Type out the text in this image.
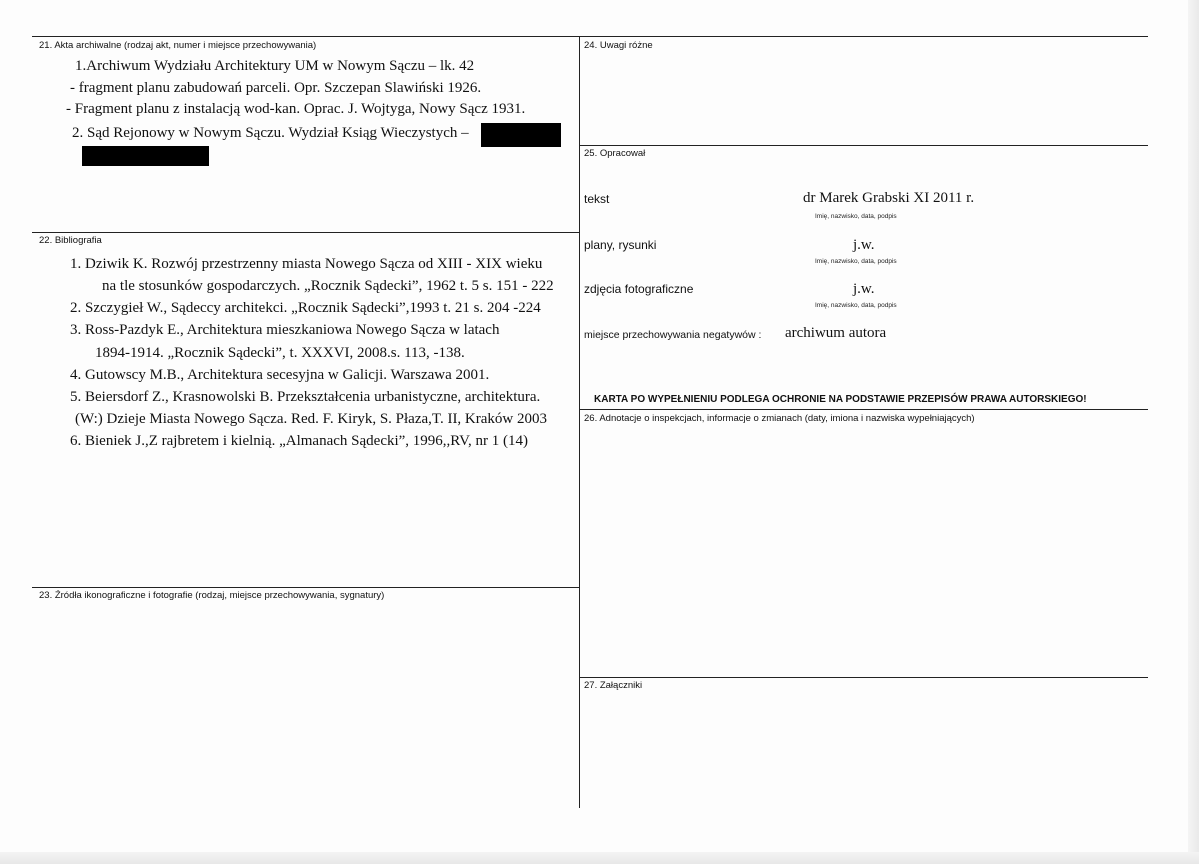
21. Akta archiwalne (rodzaj akt, numer i miejsce przechowywania)
1.Archiwum Wydziału Architektury UM w Nowym Sączu – lk. 42
- fragment planu zabudowań parceli. Opr. Szczepan Slawiński 1926.
- Fragment planu z instalacją wod-kan. Oprac. J. Wojtyga, Nowy Sącz 1931.
2. Sąd Rejonowy w Nowym Sączu. Wydział Ksiąg Wieczystych –
22. Bibliografia
1. Dziwik K. Rozwój przestrzenny miasta Nowego Sącza od XIII - XIX wieku
na tle stosunków gospodarczych. „Rocznik Sądecki”, 1962 t. 5 s. 151 - 222
2. Szczygieł W., Sądeccy architekci. „Rocznik Sądecki”,1993 t. 21 s. 204 -224
3. Ross-Pazdyk E., Architektura mieszkaniowa Nowego Sącza w latach
1894-1914. „Rocznik Sądecki”, t. XXXVI, 2008.s. 113, -138.
4. Gutowscy M.B., Architektura secesyjna w Galicji. Warszawa 2001.
5. Beiersdorf Z., Krasnowolski B. Przekształcenia urbanistyczne, architektura.
(W:) Dzieje Miasta Nowego Sącza. Red. F. Kiryk, S. Płaza,T. II, Kraków 2003
6. Bieniek J.,Z rajbretem i kielnią. „Almanach Sądecki”, 1996,,RV, nr 1 (14)
23. Źródła ikonograficzne i fotografie (rodzaj, miejsce przechowywania, sygnatury)
24. Uwagi różne
25. Opracował
tekst	dr Marek Grabski XI 2011 r.
Imię, nazwisko, data, podpis
plany, rysunki	j.w.
Imię, nazwisko, data, podpis
zdjęcia fotograficzne	j.w.
Imię, nazwisko, data, podpis
miejsce przechowywania negatywów : archiwum autora
KARTA PO WYPEŁNIENIU PODLEGA OCHRONIE NA PODSTAWIE PRZEPISÓW PRAWA AUTORSKIEGO!
26. Adnotacje o inspekcjach, informacje o zmianach (daty, imiona i nazwiska wypełniających)
27. Załączniki
